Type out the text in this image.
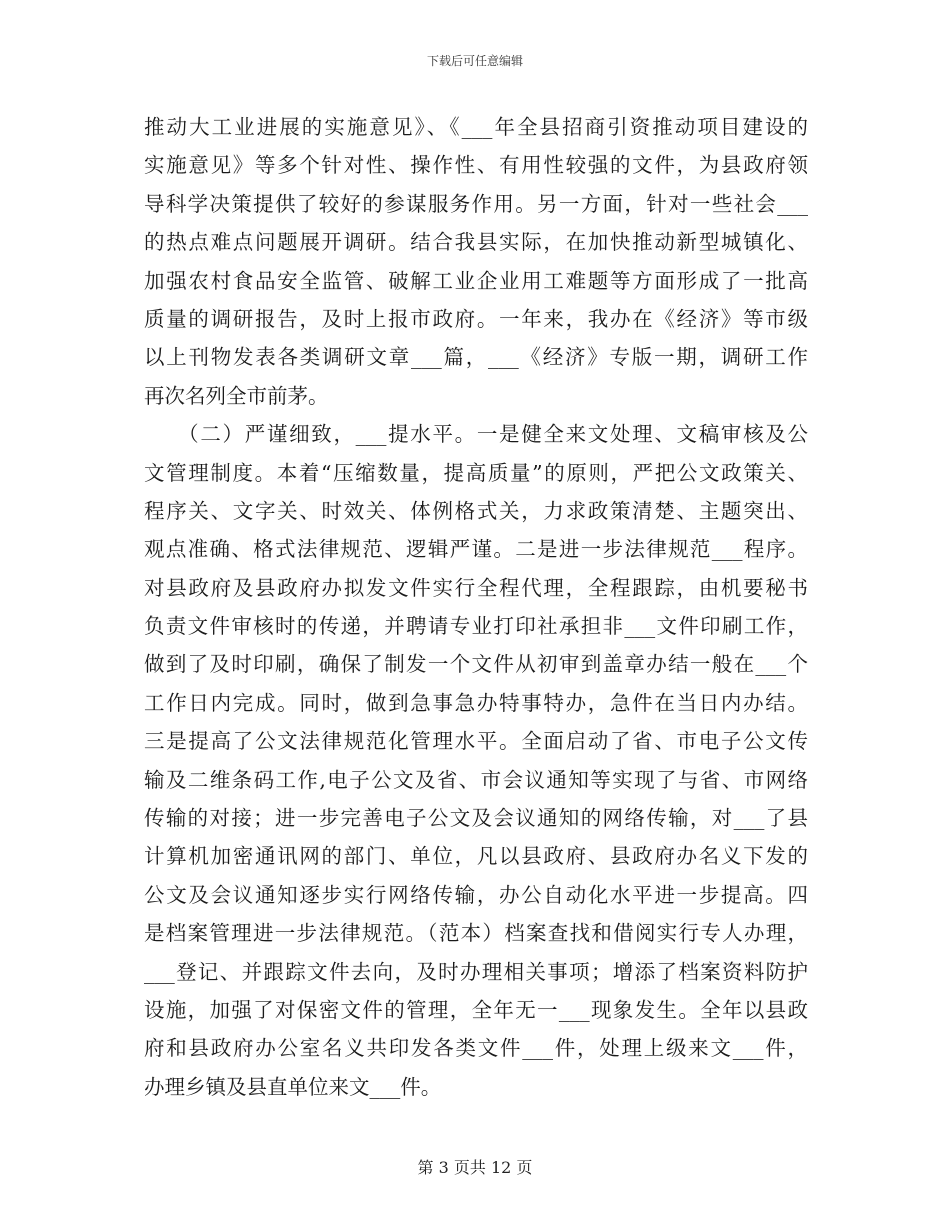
下载后可任意编辑
推动大工业进展的实施意见》、《___年全县招商引资推动项目建设的
实施意见》等多个针对性、操作性、有用性较强的文件，为县政府领
导科学决策提供了较好的参谋服务作用。另一方面，针对一些社会___
的热点难点问题展开调研。结合我县实际，在加快推动新型城镇化、
加强农村食品安全监管、破解工业企业用工难题等方面形成了一批高
质量的调研报告，及时上报市政府。一年来，我办在《经济》等市级
以上刊物发表各类调研文章___篇，___《经济》专版一期，调研工作
再次名列全市前茅。
　　（二）严谨细致，___提水平。一是健全来文处理、文稿审核及公
文管理制度。本着“压缩数量，提高质量”的原则，严把公文政策关、
程序关、文字关、时效关、体例格式关，力求政策清楚、主题突出、
观点准确、格式法律规范、逻辑严谨。二是进一步法律规范___程序。
对县政府及县政府办拟发文件实行全程代理，全程跟踪，由机要秘书
负责文件审核时的传递，并聘请专业打印社承担非___文件印刷工作，
做到了及时印刷，确保了制发一个文件从初审到盖章办结一般在___个
工作日内完成。同时，做到急事急办特事特办，急件在当日内办结。
三是提高了公文法律规范化管理水平。全面启动了省、市电子公文传
输及二维条码工作,电子公文及省、市会议通知等实现了与省、市网络
传输的对接；进一步完善电子公文及会议通知的网络传输，对___了县
计算机加密通讯网的部门、单位，凡以县政府、县政府办名义下发的
公文及会议通知逐步实行网络传输，办公自动化水平进一步提高。四
是档案管理进一步法律规范。（范本）档案查找和借阅实行专人办理，
___登记、并跟踪文件去向，及时办理相关事项；增添了档案资料防护
设施，加强了对保密文件的管理，全年无一___现象发生。全年以县政
府和县政府办公室名义共印发各类文件___件，处理上级来文___件，
办理乡镇及县直单位来文___件。
第 3 页共 12 页
